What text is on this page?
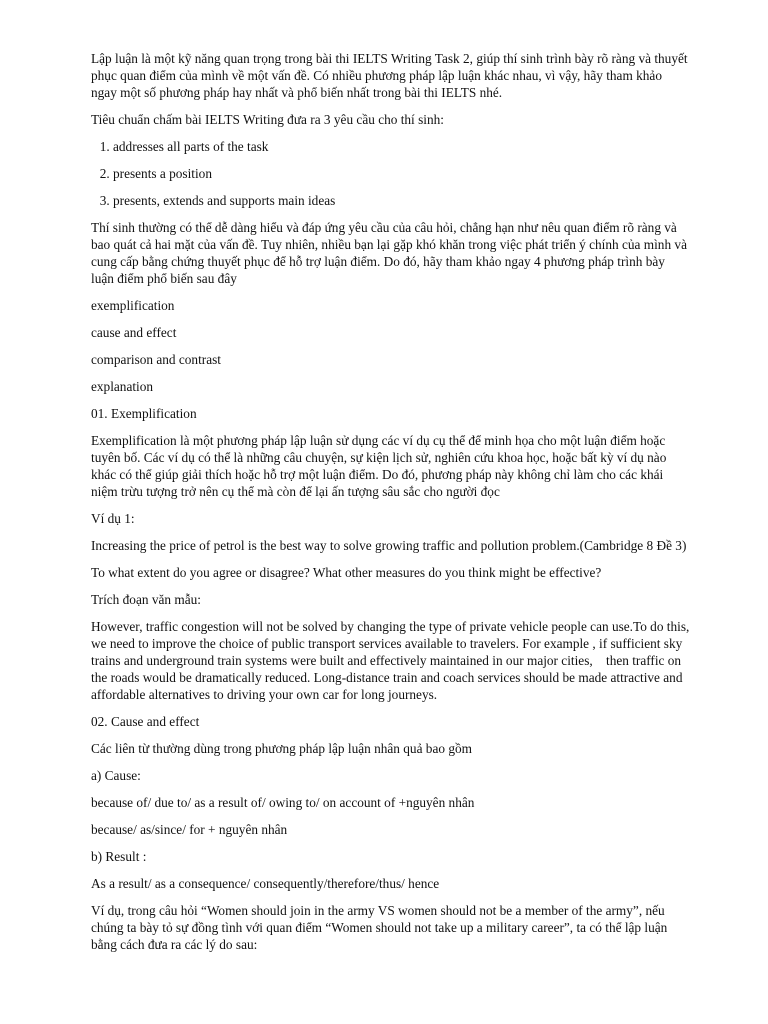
Lập luận là một kỹ năng quan trọng trong bài thi IELTS Writing Task 2, giúp thí sinh trình bày rõ ràng và thuyết phục quan điểm của mình về một vấn đề. Có nhiều phương pháp lập luận khác nhau, vì vậy, hãy tham khảo ngay một số phương pháp hay nhất và phổ biến nhất trong bài thi IELTS nhé.

Tiêu chuẩn chấm bài IELTS Writing đưa ra 3 yêu cầu cho thí sinh:

1. addresses all parts of the task
2. presents a position
3. presents, extends and supports main ideas

Thí sinh thường có thể dễ dàng hiểu và đáp ứng yêu cầu của câu hỏi, chẳng hạn như nêu quan điểm rõ ràng và bao quát cả hai mặt của vấn đề. Tuy nhiên, nhiều bạn lại gặp khó khăn trong việc phát triển ý chính của mình và cung cấp bằng chứng thuyết phục để hỗ trợ luận điểm. Do đó, hãy tham khảo ngay 4 phương pháp trình bày luận điểm phổ biến sau đây

exemplification

cause and effect

comparison and contrast

explanation

01. Exemplification

Exemplification là một phương pháp lập luận sử dụng các ví dụ cụ thể để minh họa cho một luận điểm hoặc tuyên bố. Các ví dụ có thể là những câu chuyện, sự kiện lịch sử, nghiên cứu khoa học, hoặc bất kỳ ví dụ nào khác có thể giúp giải thích hoặc hỗ trợ một luận điểm. Do đó, phương pháp này không chỉ làm cho các khái niệm trừu tượng trở nên cụ thể mà còn để lại ấn tượng sâu sắc cho người đọc

Ví dụ 1:

Increasing the price of petrol is the best way to solve growing traffic and pollution problem.(Cambridge 8 Đề 3)

To what extent do you agree or disagree? What other measures do you think might be effective?

Trích đoạn văn mẫu:

However, traffic congestion will not be solved by changing the type of private vehicle people can use.To do this, we need to improve the choice of public transport services available to travelers. For example , if sufficient sky trains and underground train systems were built and effectively maintained in our major cities,    then traffic on the roads would be dramatically reduced. Long-distance train and coach services should be made attractive and affordable alternatives to driving your own car for long journeys.

02. Cause and effect

Các liên từ thường dùng trong phương pháp lập luận nhân quả bao gồm

a) Cause:

because of/ due to/ as a result of/ owing to/ on account of +nguyên nhân

because/ as/since/ for + nguyên nhân

b) Result :

As a result/ as a consequence/ consequently/therefore/thus/ hence

Ví dụ, trong câu hỏi “Women should join in the army VS women should not be a member of the army”, nếu chúng ta bày tỏ sự đồng tình với quan điểm “Women should not take up a military career”, ta có thể lập luận bằng cách đưa ra các lý do sau:
